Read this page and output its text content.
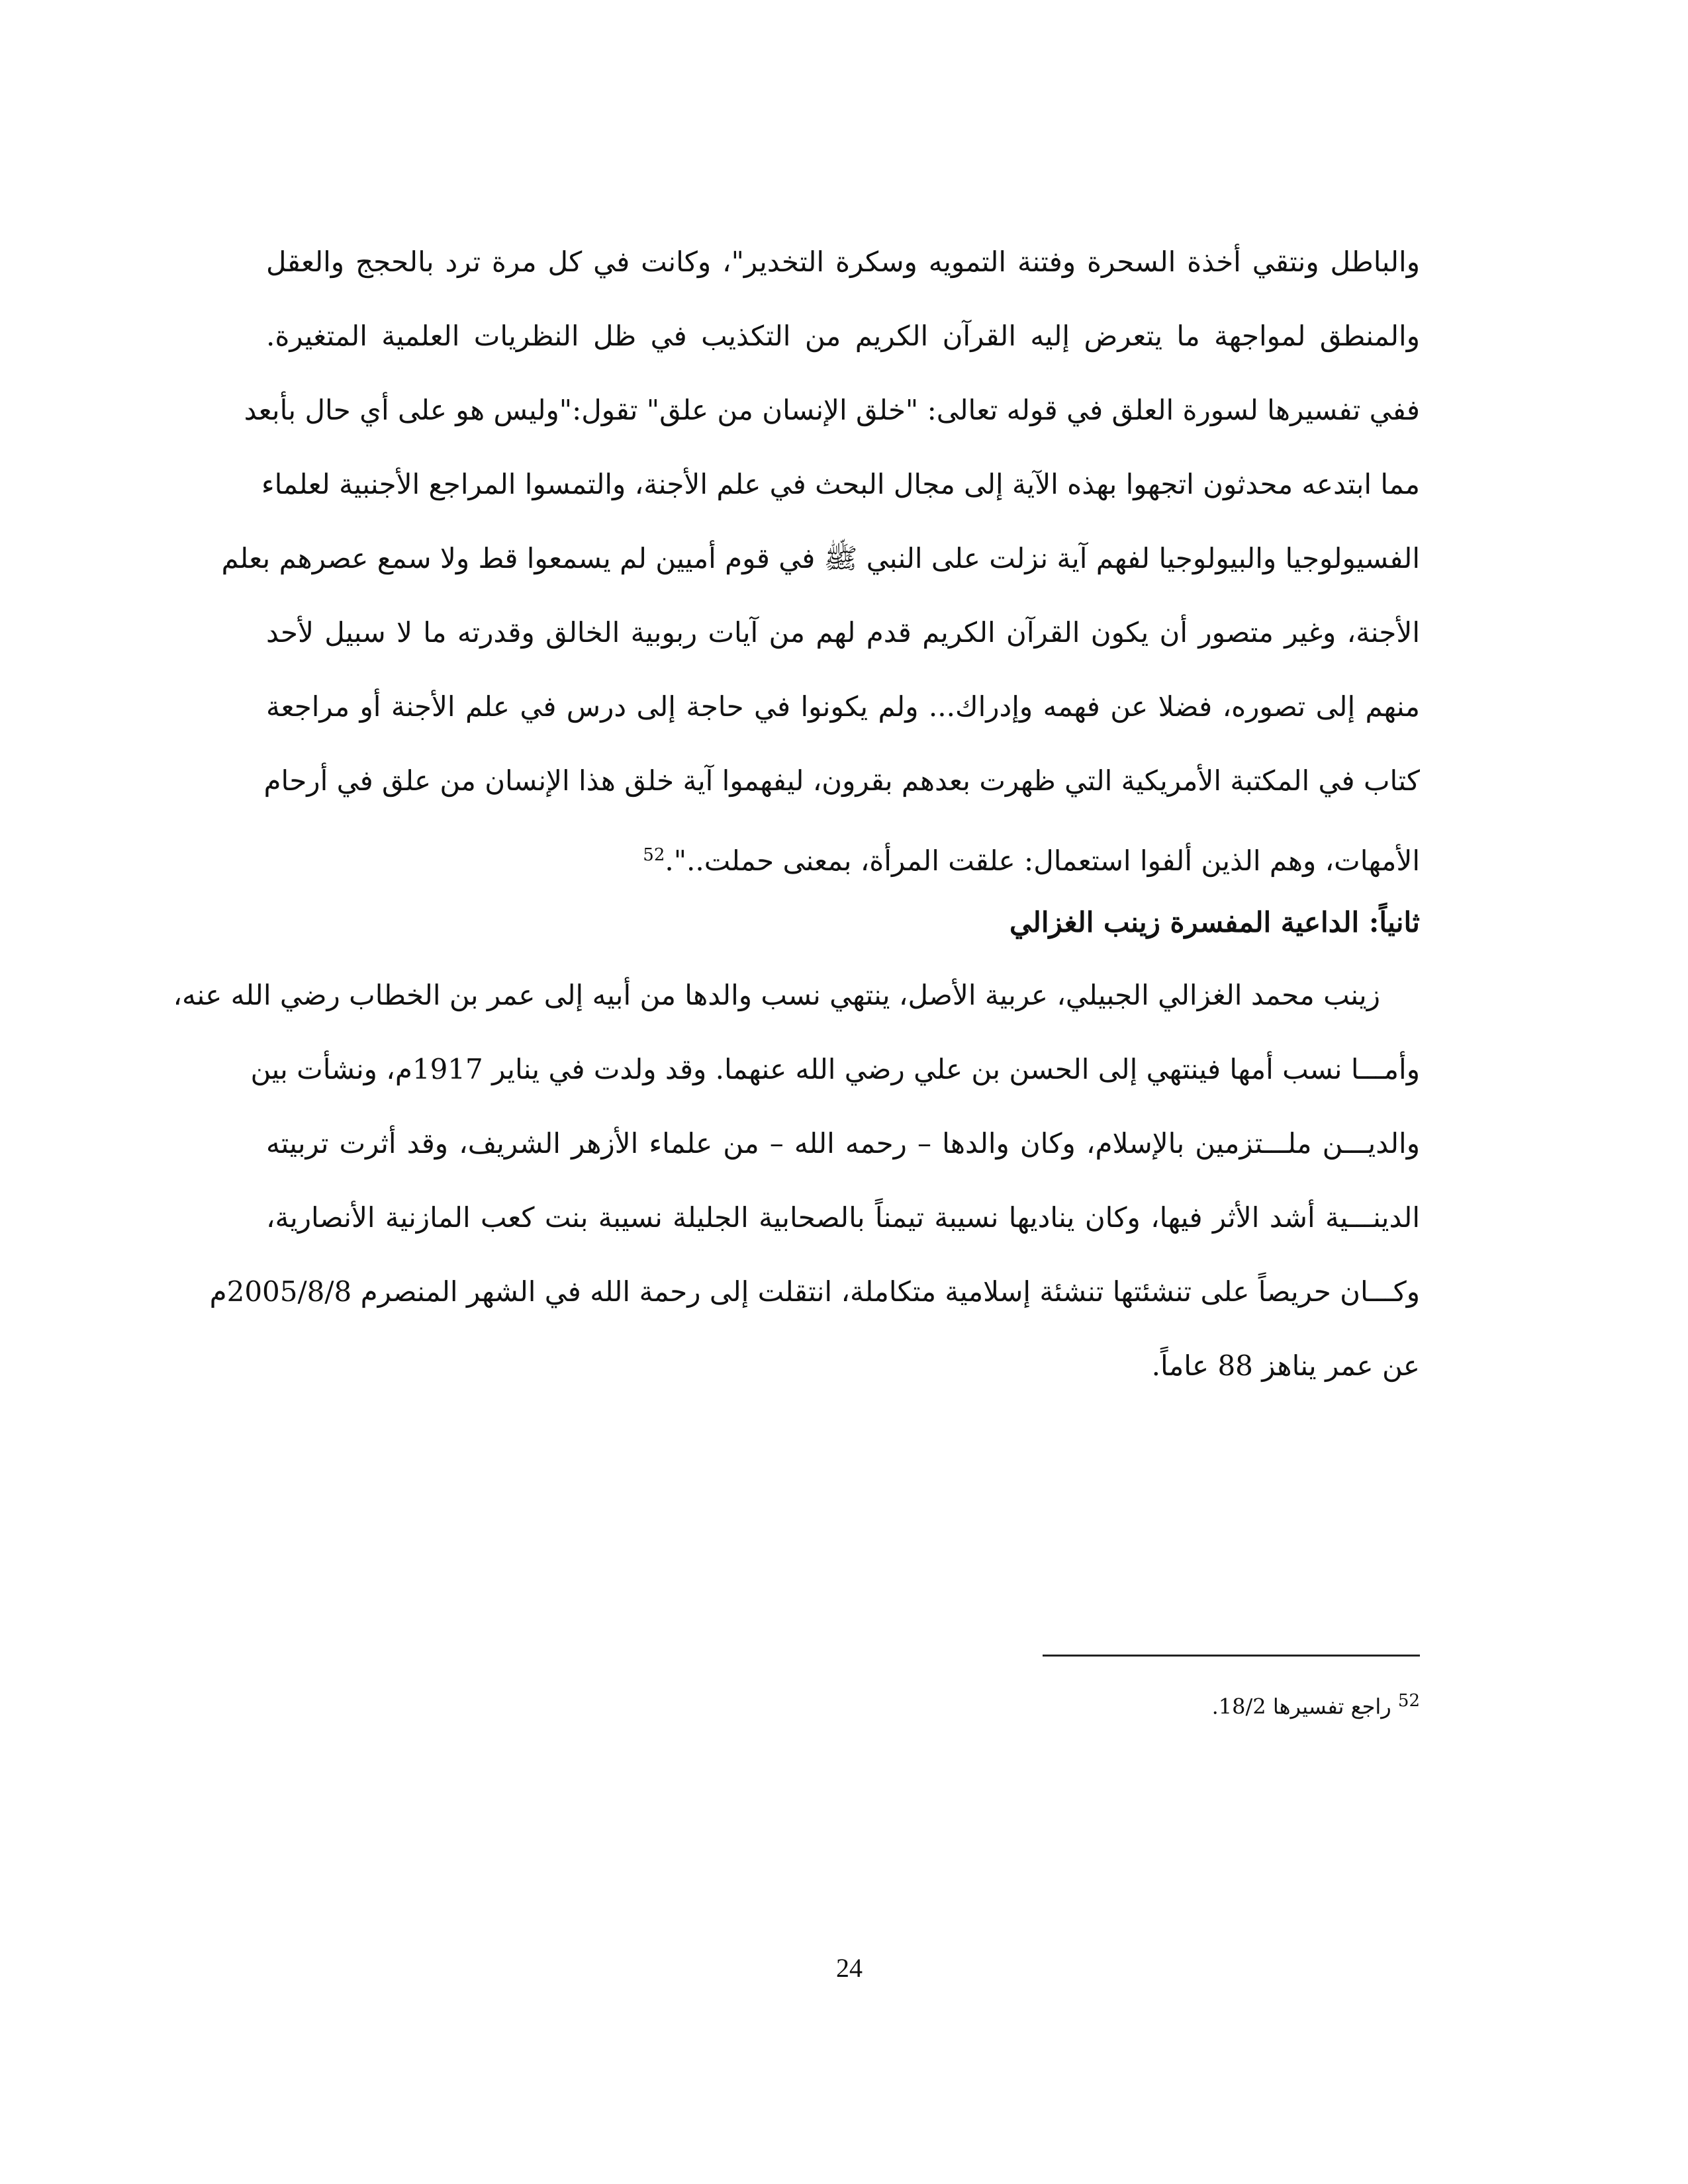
والباطل ونتقي أخذة السحرة وفتنة التمويه وسكرة التخدير"، وكانت في كل مرة ترد بالحجج والعقل
والمنطق لمواجهة ما يتعرض إليه القرآن الكريم من التكذيب في ظل النظريات العلمية المتغيرة.
ففي تفسيرها لسورة العلق في قوله تعالى: "خلق الإنسان من علق" تقول:"وليس هو على أي حال بأبعد
مما ابتدعه محدثون اتجهوا بهذه الآية إلى مجال البحث في علم الأجنة، والتمسوا المراجع الأجنبية لعلماء
الفسيولوجيا والبيولوجيا لفهم آية نزلت على النبي ﷺ في قوم أميين لم يسمعوا قط ولا سمع عصرهم بعلم
الأجنة، وغير متصور أن يكون القرآن الكريم قدم لهم من آيات ربوبية الخالق وقدرته ما لا سبيل لأحد
منهم إلى تصوره، فضلا عن فهمه وإدراك... ولم يكونوا في حاجة إلى درس في علم الأجنة أو مراجعة
كتاب في المكتبة الأمريكية التي ظهرت بعدهم بقرون، ليفهموا آية خلق هذا الإنسان من علق في أرحام
الأمهات، وهم الذين ألفوا استعمال: علقت المرأة، بمعنى حملت..".$^{52}$
ثانياً: الداعية المفسرة زينب الغزالي
زينب محمد الغزالي الجبيلي، عربية الأصل، ينتهي نسب والدها من أبيه إلى عمر بن الخطاب رضي الله عنه،
وأمـــا نسب أمها فينتهي إلى الحسن بن علي رضي الله عنهما. وقد ولدت في يناير 1917م، ونشأت بين
والديـــن ملـــتزمين بالإسلام، وكان والدها – رحمه الله – من علماء الأزهر الشريف، وقد أثرت تربيته
الدينـــية أشد الأثر فيها، وكان يناديها نسيبة تيمناً بالصحابية الجليلة نسيبة بنت كعب المازنية الأنصارية،
وكـــان حريصاً على تنشئتها تنشئة إسلامية متكاملة، انتقلت إلى رحمة الله في الشهر المنصرم 2005/8/8م
عن عمر يناهز 88 عاماً.
$^{52}$ راجع تفسيرها 18/2.
24
